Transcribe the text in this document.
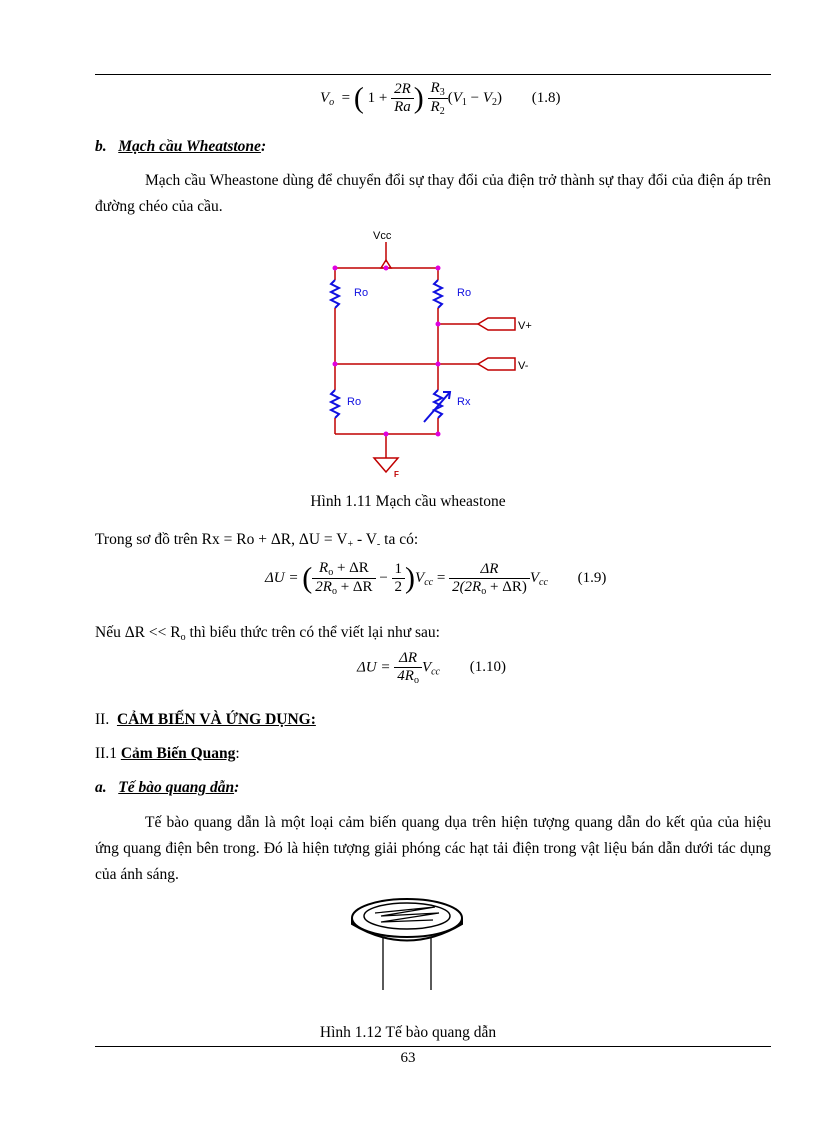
$V_o$  = ( $1 + \frac{2R}{Ra}$ ) $\frac{R_3}{R_2} (V_1 - V_2)$ (1.8)
b. Mạch cầu Wheatstone:
Mạch cầu Wheastone dùng để chuyển đổi sự thay đổi của điện trở thành sự thay đổi của điện áp trên đường chéo của cầu.
Vcc
F
V-
V+
Ro	Ro
Ro	Rx
Hình 1.11 Mạch cầu wheastone
Trong sơ đồ trên Rx = Ro + ΔR, ΔU = V+ - V- ta có:
ΔU = ( $\frac{R_o + \Delta R}{2R_o + \Delta R} - \frac{1}{2} )V_{cc} = \frac{\Delta R}{2(2R_o + \Delta R)} V_{cc}$ (1.9)
Nếu ΔR << Ro thì biểu thức trên có thể viết lại như sau:
$\Delta U = \frac{\Delta R}{4R_o} V_{cc}$ (1.10)
II. CẢM BIẾN VÀ ỨNG DỤNG:
II.1 Cảm Biến Quang:
a. Tế bào quang dẫn:
Tế bào quang dẫn là một loại cảm biến quang dụa trên hiện tượng quang dẫn do kết qủa của hiệu ứng quang điện bên trong. Đó là hiện tượng giải phóng các hạt tải điện trong vật liệu bán dẫn dưới tác dụng của ánh sáng.
Hình 1.12 Tế bào quang dẫn
63
